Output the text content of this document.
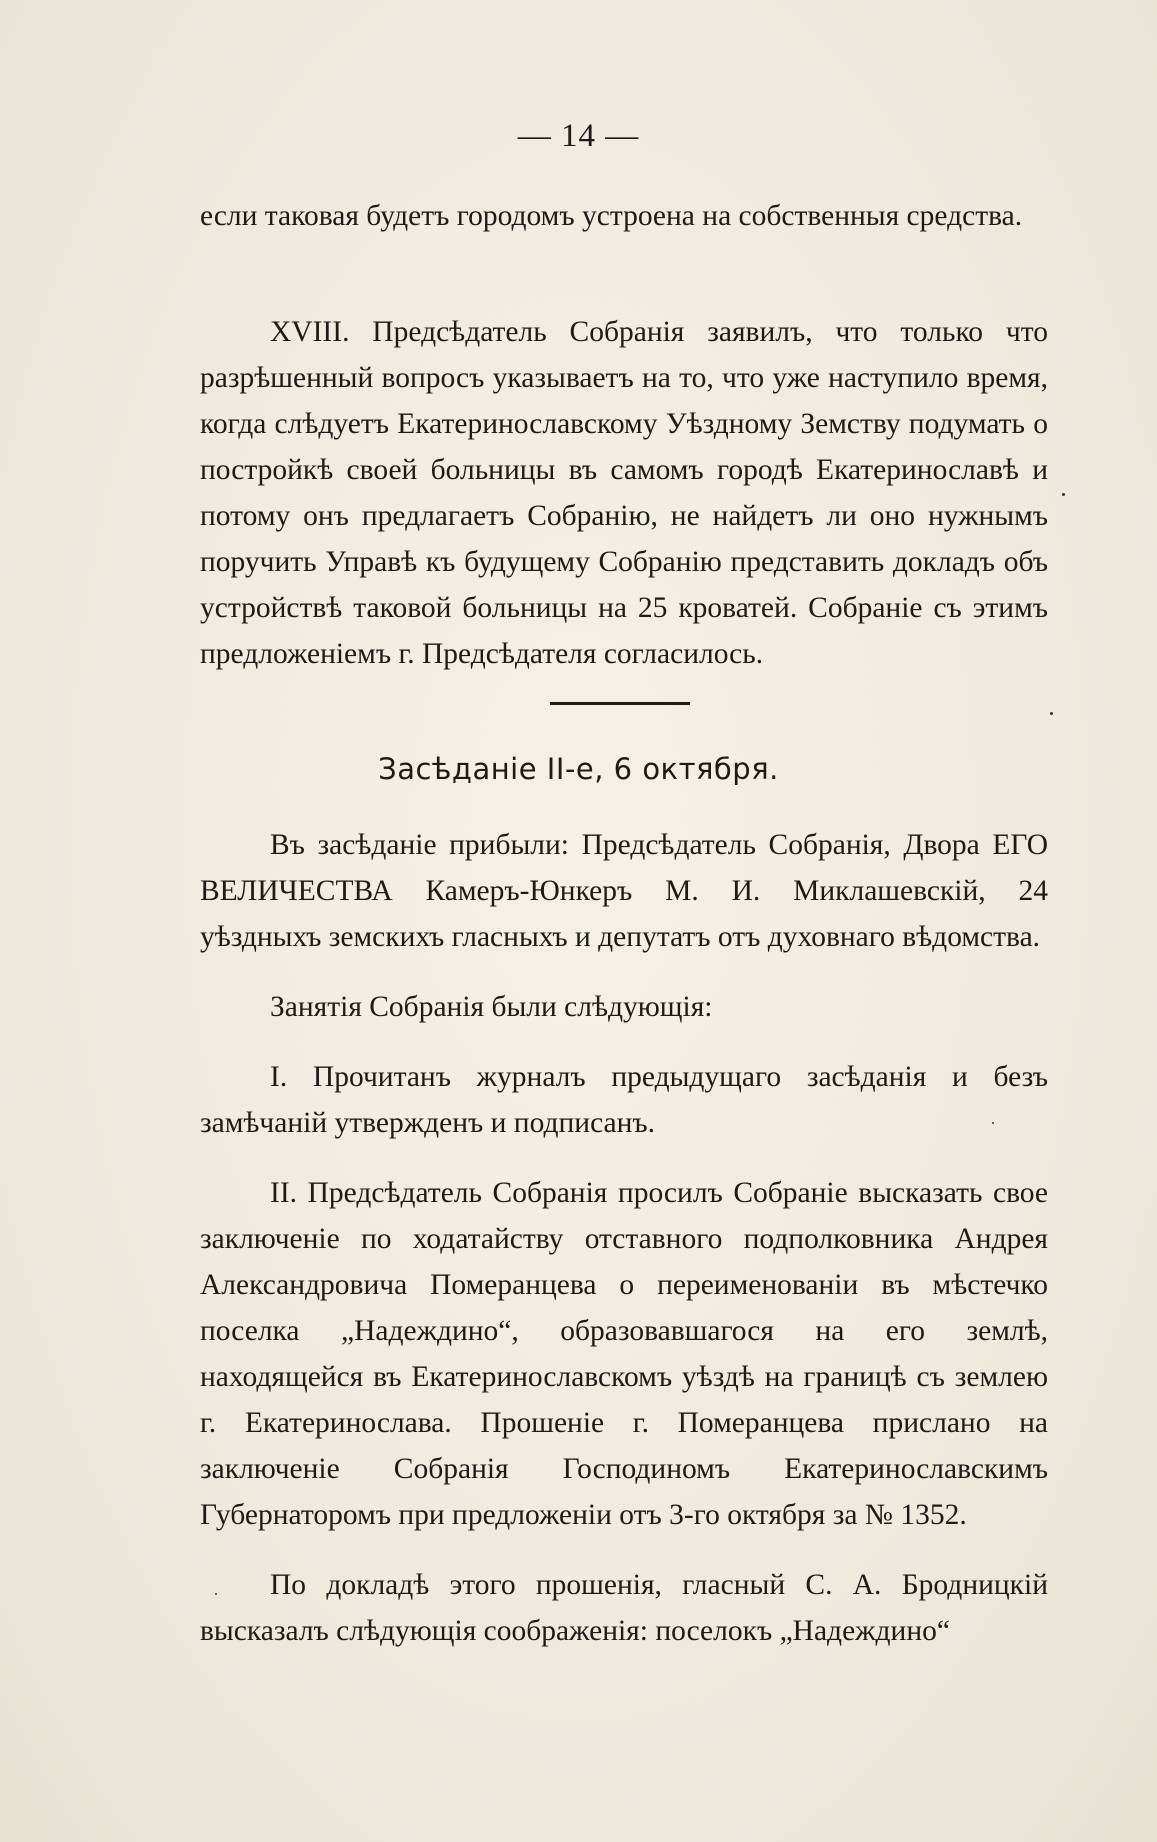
— 14 —

если таковая будетъ городомъ устроена на собственныя средства.

XVIII. Предсѣдатель Собранія заявилъ, что только что разрѣшенный вопросъ указываетъ на то, что уже наступило время, когда слѣдуетъ Екатеринославскому Уѣздному Земству подумать о постройкѣ своей больницы въ самомъ городѣ Екатеринославѣ и потому онъ предлагаетъ Собранію, не найдетъ ли оно нужнымъ поручить Управѣ къ будущему Собранію представить докладъ объ устройствѣ таковой больницы на 25 кроватей. Собраніе съ этимъ предложеніемъ г. Предсѣдателя согласилось.

Засѣданіе II-е, 6 октября.

Въ засѣданіе прибыли: Предсѣдатель Собранія, Двора ЕГО ВЕЛИЧЕСТВА Камеръ-Юнкеръ М. И. Миклашевскій, 24 уѣздныхъ земскихъ гласныхъ и депутатъ отъ духовнаго вѣдомства.

Занятія Собранія были слѣдующія:

I. Прочитанъ журналъ предыдущаго засѣданія и безъ замѣчаній утвержденъ и подписанъ.

II. Предсѣдатель Собранія просилъ Собраніе высказать свое заключеніе по ходатайству отставного подполковника Андрея Александровича Померанцева о переименованіи въ мѣстечко поселка „Надеждино“, образовавшагося на его землѣ, находящейся въ Екатеринославскомъ уѣздѣ на границѣ съ землею г. Екатеринослава. Прошеніе г. Померанцева прислано на заключеніе Собранія Господиномъ Екатеринославскимъ Губернаторомъ при предложеніи отъ 3-го октября за № 1352.

По докладѣ этого прошенія, гласный С. А. Бродницкій высказалъ слѣдующія соображенія: поселокъ „Надеждино“
